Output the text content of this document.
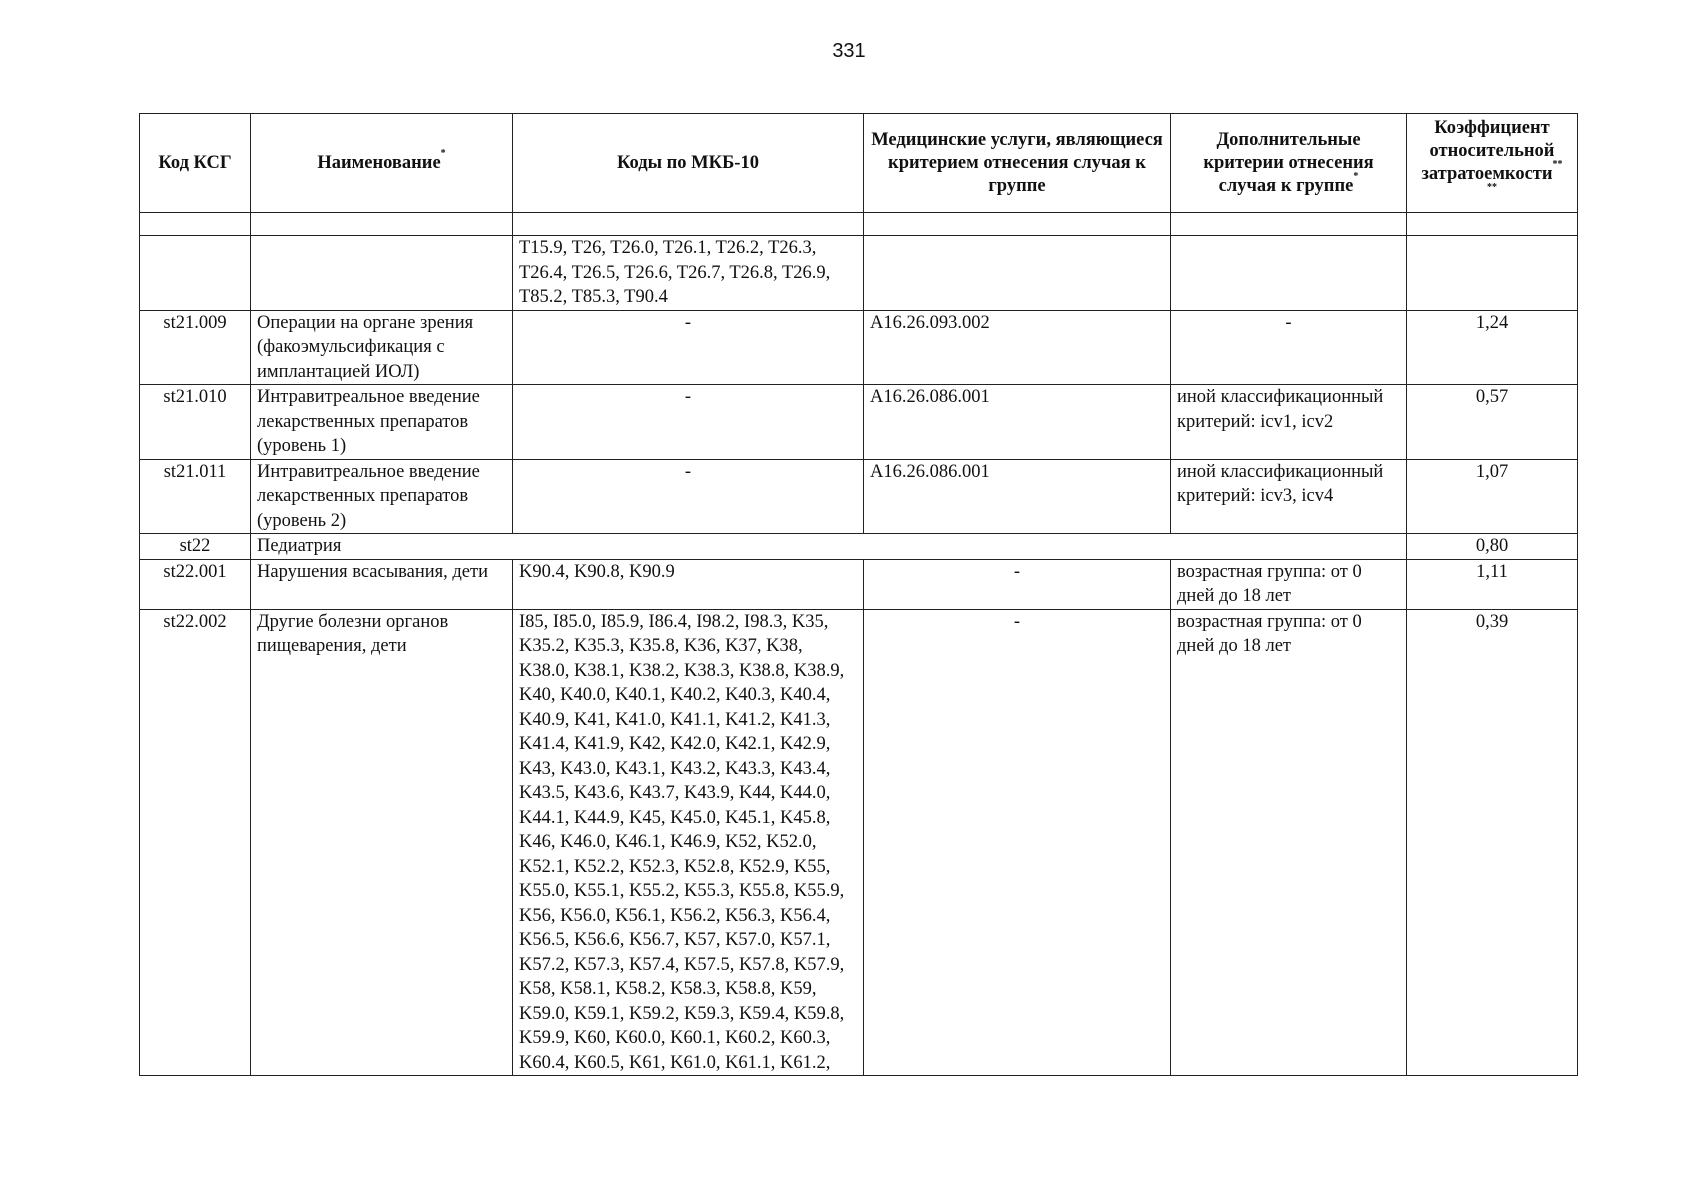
331
Код КСГ	Наименование*	Коды по МКБ-10	Медицинские услуги, являющиеся критерием отнесения случая к группе	Дополнительные критерии отнесения случая к группе*	Коэффициент относительной затратоемкости**
**

		T15.9, T26, T26.0, T26.1, T26.2, T26.3, T26.4, T26.5, T26.6, T26.7, T26.8, T26.9, T85.2, T85.3, T90.4			
st21.009	Операции на органе зрения (факоэмульсификация с имплантацией ИОЛ)	-	A16.26.093.002	-	1,24
st21.010	Интравитреальное введение лекарственных препаратов (уровень 1)	-	A16.26.086.001	иной классификационный критерий: icv1, icv2	0,57
st21.011	Интравитреальное введение лекарственных препаратов (уровень 2)	-	A16.26.086.001	иной классификационный критерий: icv3, icv4	1,07
st22	Педиатрия				0,80
st22.001	Нарушения всасывания, дети	K90.4, K90.8, K90.9	-	возрастная группа: от 0 дней до 18 лет	1,11
st22.002	Другие болезни органов пищеварения, дети	I85, I85.0, I85.9, I86.4, I98.2, I98.3, K35, K35.2, K35.3, K35.8, K36, K37, K38, K38.0, K38.1, K38.2, K38.3, K38.8, K38.9, K40, K40.0, K40.1, K40.2, K40.3, K40.4, K40.9, K41, K41.0, K41.1, K41.2, K41.3, K41.4, K41.9, K42, K42.0, K42.1, K42.9, K43, K43.0, K43.1, K43.2, K43.3, K43.4, K43.5, K43.6, K43.7, K43.9, K44, K44.0, K44.1, K44.9, K45, K45.0, K45.1, K45.8, K46, K46.0, K46.1, K46.9, K52, K52.0, K52.1, K52.2, K52.3, K52.8, K52.9, K55, K55.0, K55.1, K55.2, K55.3, K55.8, K55.9, K56, K56.0, K56.1, K56.2, K56.3, K56.4, K56.5, K56.6, K56.7, K57, K57.0, K57.1, K57.2, K57.3, K57.4, K57.5, K57.8, K57.9, K58, K58.1, K58.2, K58.3, K58.8, K59, K59.0, K59.1, K59.2, K59.3, K59.4, K59.8, K59.9, K60, K60.0, K60.1, K60.2, K60.3, K60.4, K60.5, K61, K61.0, K61.1, K61.2,	-	возрастная группа: от 0 дней до 18 лет	0,39
